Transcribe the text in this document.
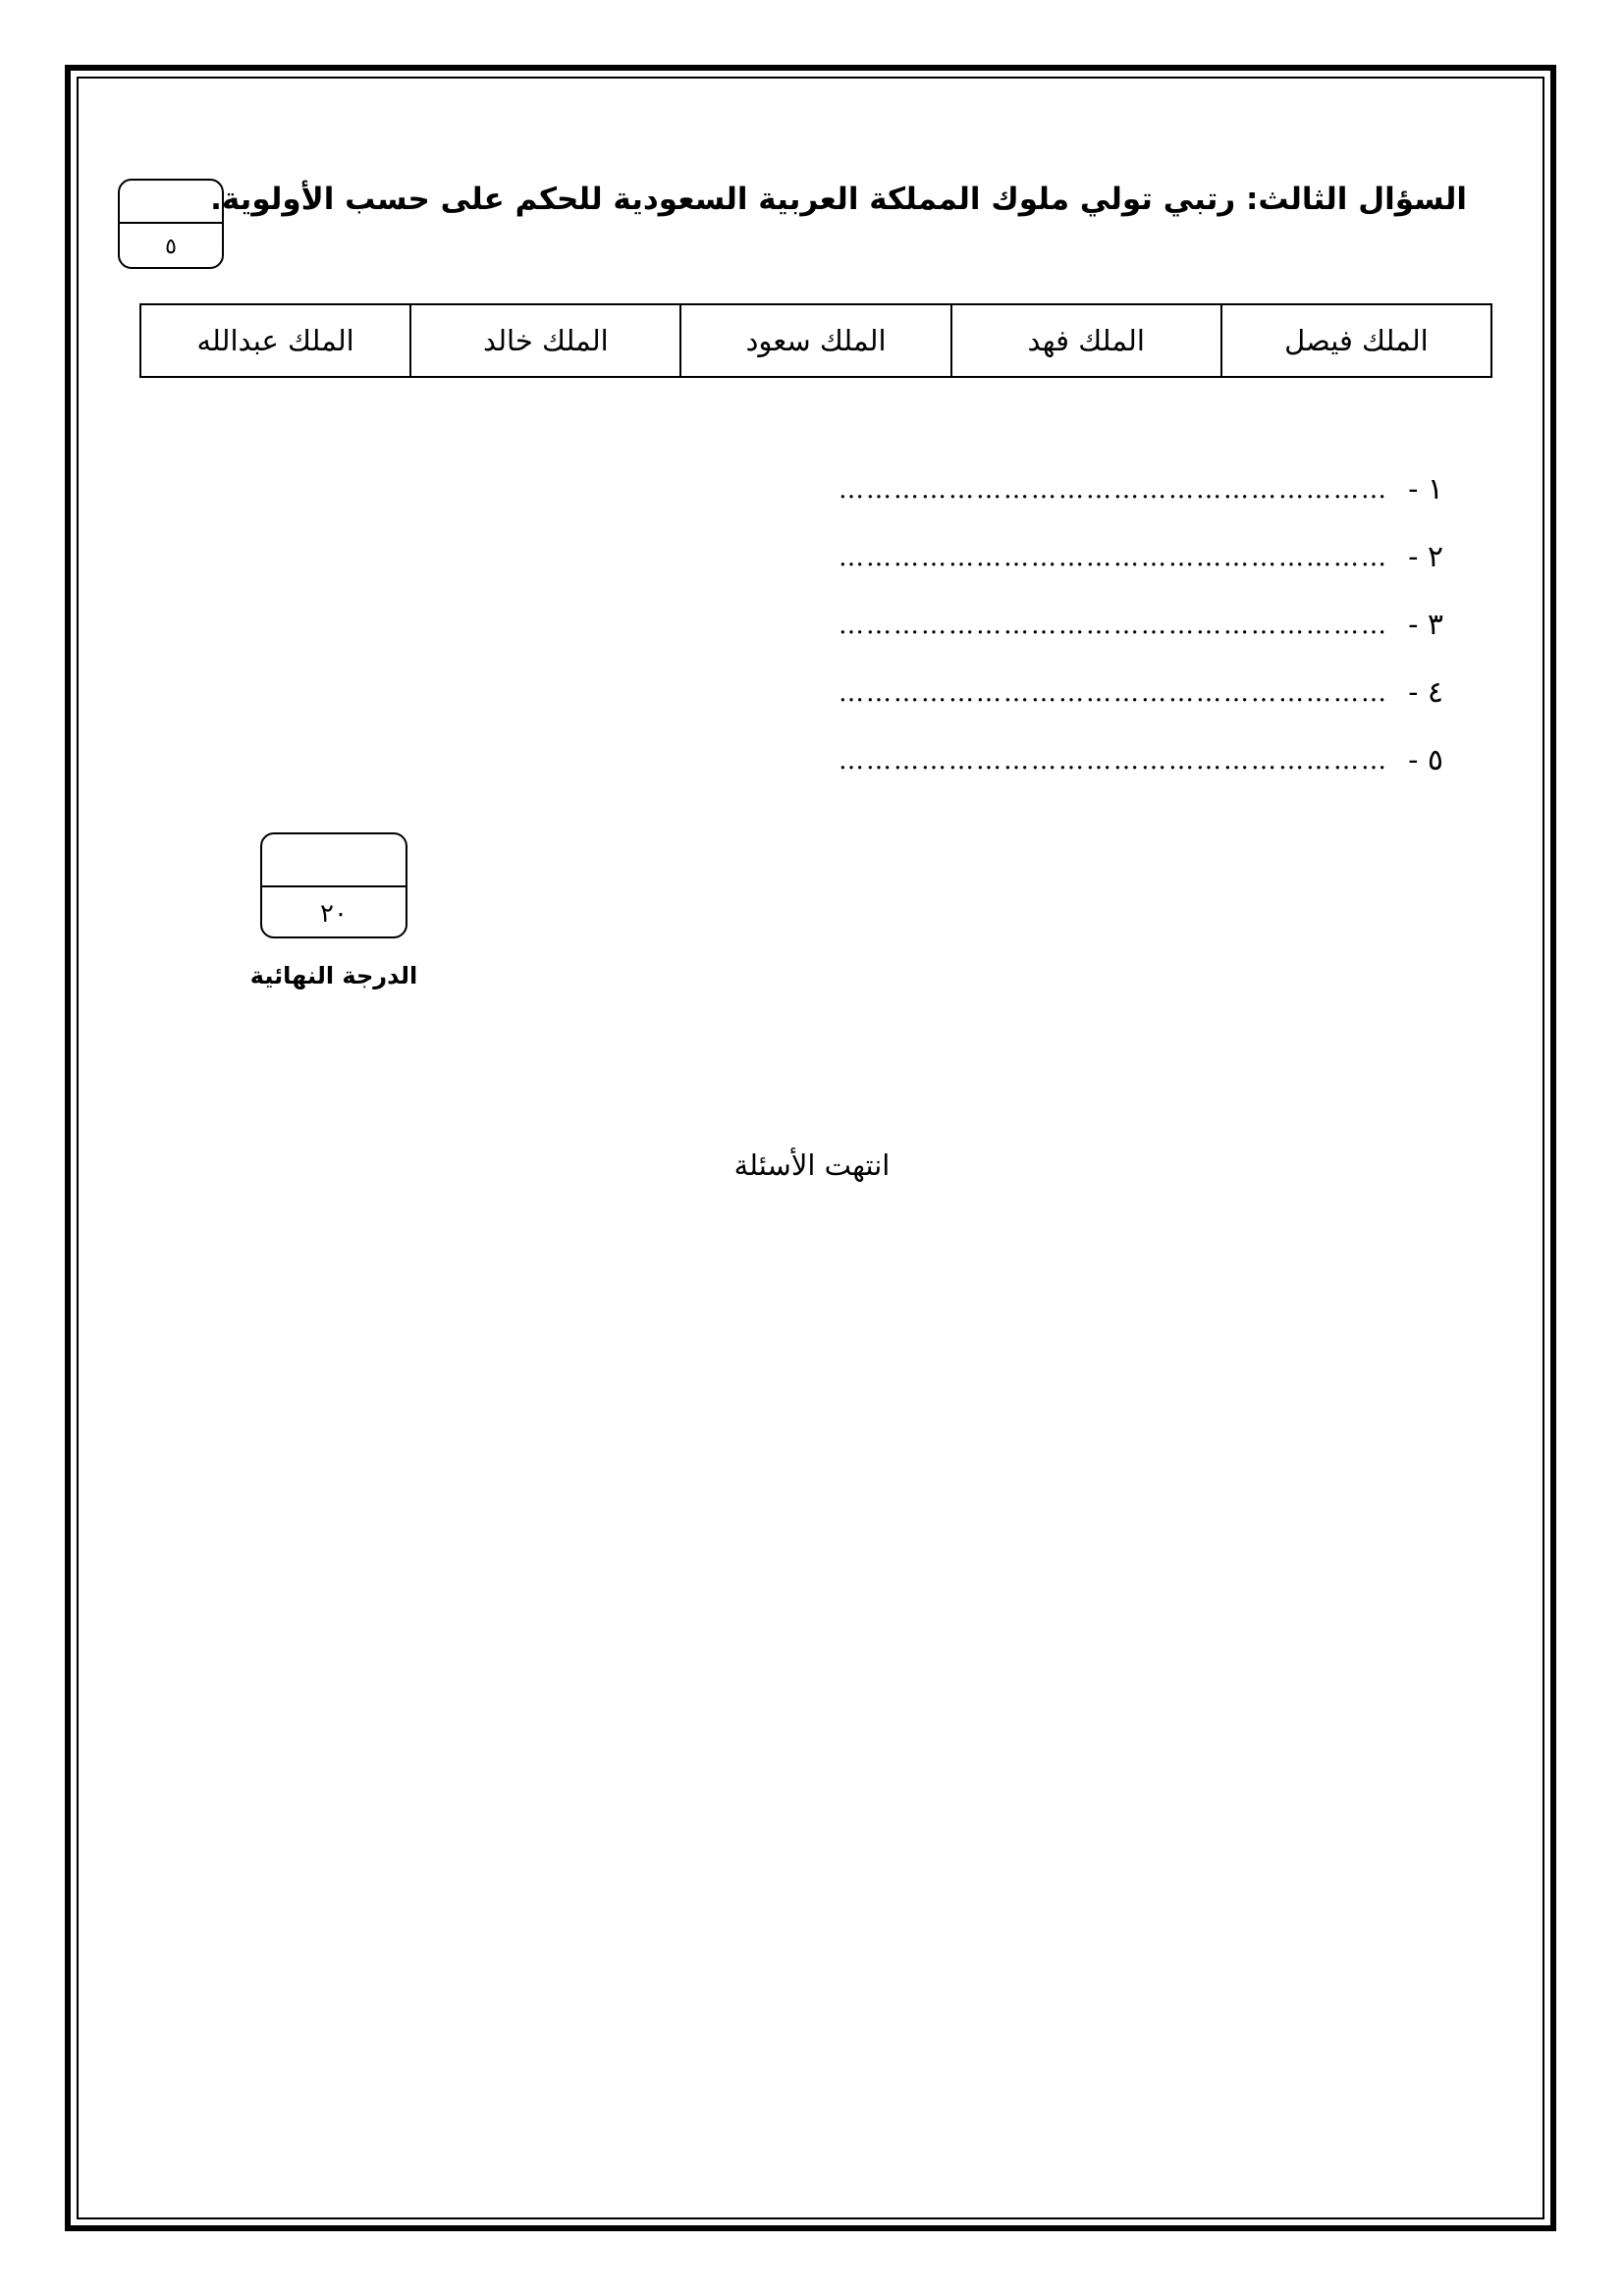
السؤال الثالث: رتبي تولي ملوك المملكة العربية السعودية للحكم على حسب الأولوية.
٥
الملك فيصل	الملك فهد	الملك سعود	الملك خالد	الملك عبدالله
١ -
……………………………………………………
٢ -
……………………………………………………
٣ -
……………………………………………………
٤ -
……………………………………………………
٥ -
……………………………………………………
٢٠
الدرجة النهائية
انتهت الأسئلة
